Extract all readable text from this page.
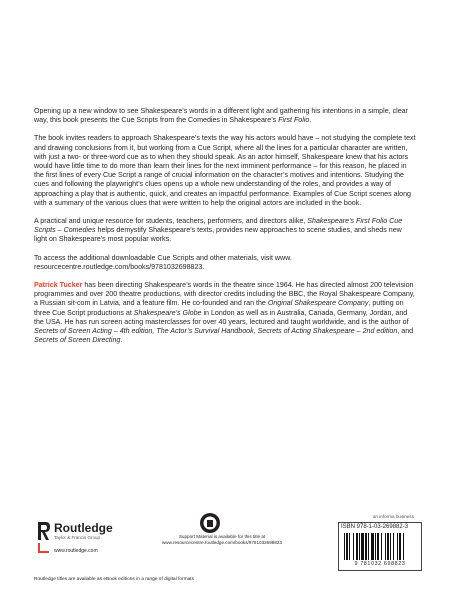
Opening up a new window to see Shakespeare’s words in a different light and gathering his intentions in a simple, clear way, this book presents the Cue Scripts from the Comedies in Shakespeare’s First Folio.

The book invites readers to approach Shakespeare’s texts the way his actors would have – not studying the complete text and drawing conclusions from it, but working from a Cue Script, where all the lines for a particular character are written, with just a two- or three-word cue as to when they should speak. As an actor himself, Shakespeare knew that his actors would have little time to do more than learn their lines for the next imminent performance – for this reason, he placed in the first lines of every Cue Script a range of crucial information on the character’s motives and intentions. Studying the cues and following the playwright’s clues opens up a whole new understanding of the roles, and provides a way of approaching a play that is authentic, quick, and creates an impactful performance. Examples of Cue Script scenes along with a summary of the various clues that were written to help the original actors are included in the book.

A practical and unique resource for students, teachers, performers, and directors alike, Shakespeare’s First Folio Cue Scripts – Comedies helps demystify Shakespeare’s texts, provides new approaches to scene studies, and sheds new light on Shakespeare’s most popular works.

To access the additional downloadable Cue Scripts and other materials, visit www. resourcecentre.routledge.com/books/9781032698823.

Patrick Tucker has been directing Shakespeare’s words in the theatre since 1964. He has directed almost 200 television programmes and over 200 theatre productions, with director credits including the BBC, the Royal Shakespeare Company, a Russian sit-com in Latvia, and a feature film. He co-founded and ran the Original Shakespeare Company, putting on three Cue Script productions at Shakespeare’s Globe in London as well as in Australia, Canada, Germany, Jordan, and the USA. He has run screen acting masterclasses for over 40 years, lectured and taught worldwide, and is the author of Secrets of Screen Acting – 4th edition, The Actor’s Survival Handbook, Secrets of Acting Shakespeare – 2nd edition, and Secrets of Screen Directing.

Routledge
Taylor & Francis Group
www.routledge.com
Support Material is available for this title at
www.resourcecentre.routledge.com/books/9781032698823
an informa business
ISBN 978-1-03-269882-3
9 781032 698823
Routledge titles are available as eBook editions in a range of digital formats
